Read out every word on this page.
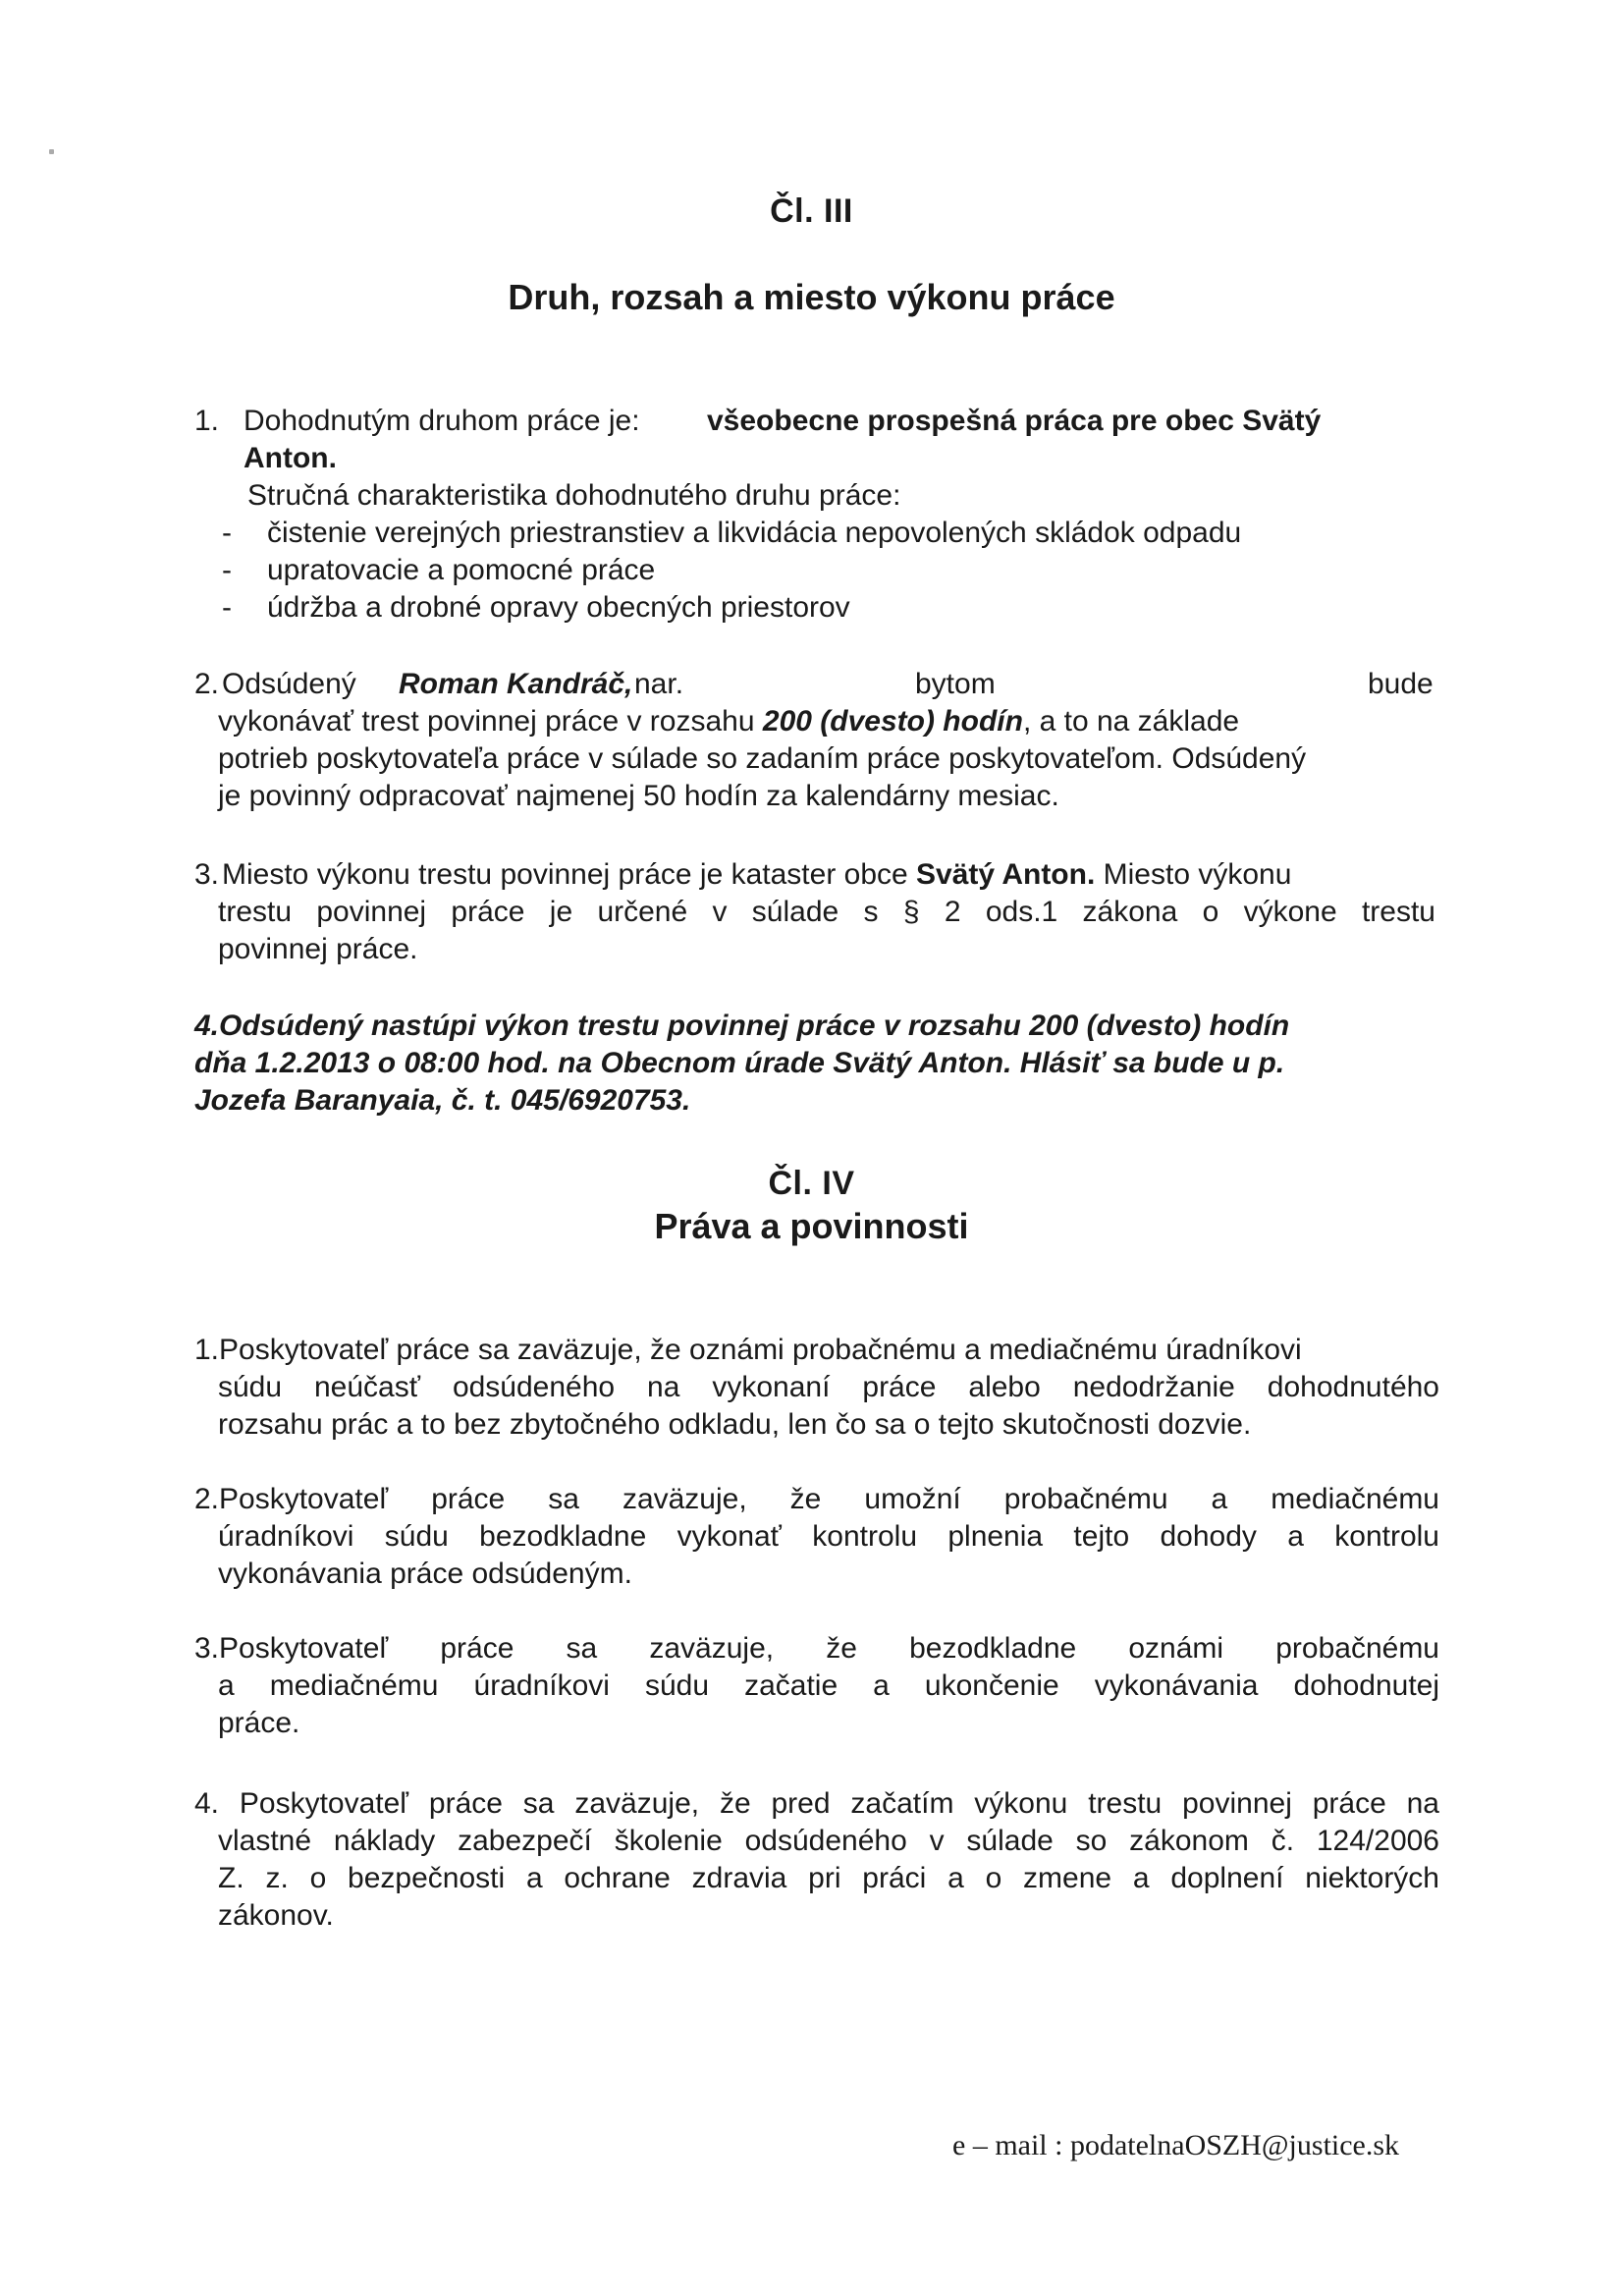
Čl. III
Druh, rozsah a miesto výkonu práce
1. Dohodnutým druhom práce je: všeobecne prospešná práca pre obec Svätý
Anton.
Stručná charakteristika dohodnutého druhu práce:
- čistenie verejných priestranstiev a likvidácia nepovolených skládok odpadu
- upratovacie a pomocné práce
- údržba a drobné opravy obecných priestorov
2. Odsúdený Roman Kandráč, nar.	bytom	bude
vykonávať trest povinnej práce v rozsahu 200 (dvesto) hodín, a to na základe
potrieb poskytovateľa práce v súlade so zadaním práce poskytovateľom. Odsúdený
je povinný odpracovať najmenej 50 hodín za kalendárny mesiac.
3. Miesto výkonu trestu povinnej práce je kataster obce Svätý Anton. Miesto výkonu
trestu povinnej práce je určené v súlade s § 2 ods.1 zákona o výkone trestu
povinnej práce.
4.Odsúdený nastúpi výkon trestu povinnej práce v rozsahu 200 (dvesto) hodín
dňa 1.2.2013 o 08:00 hod. na Obecnom úrade Svätý Anton. Hlásiť sa bude u p.
Jozefa Baranyaia, č. t. 045/6920753.
Čl. IV
Práva a povinnosti
1.Poskytovateľ práce sa zaväzuje, že oznámi probačnému a mediačnému úradníkovi
súdu neúčasť odsúdeného na vykonaní práce alebo nedodržanie dohodnutého
rozsahu prác a to bez zbytočného odkladu, len čo sa o tejto skutočnosti dozvie.
2.Poskytovateľ práce sa zaväzuje, že umožní probačnému a mediačnému
úradníkovi súdu bezodkladne vykonať kontrolu plnenia tejto dohody a kontrolu
vykonávania práce odsúdeným.
3.Poskytovateľ práce sa zaväzuje, že bezodkladne oznámi probačnému
a mediačnému úradníkovi súdu začatie a ukončenie vykonávania dohodnutej
práce.
4. Poskytovateľ práce sa zaväzuje, že pred začatím výkonu trestu povinnej práce na
vlastné náklady zabezpečí školenie odsúdeného v súlade so zákonom č. 124/2006
Z. z. o bezpečnosti a ochrane zdravia pri práci a o zmene a doplnení niektorých
zákonov.
e – mail : podatelnaOSZH@justice.sk
